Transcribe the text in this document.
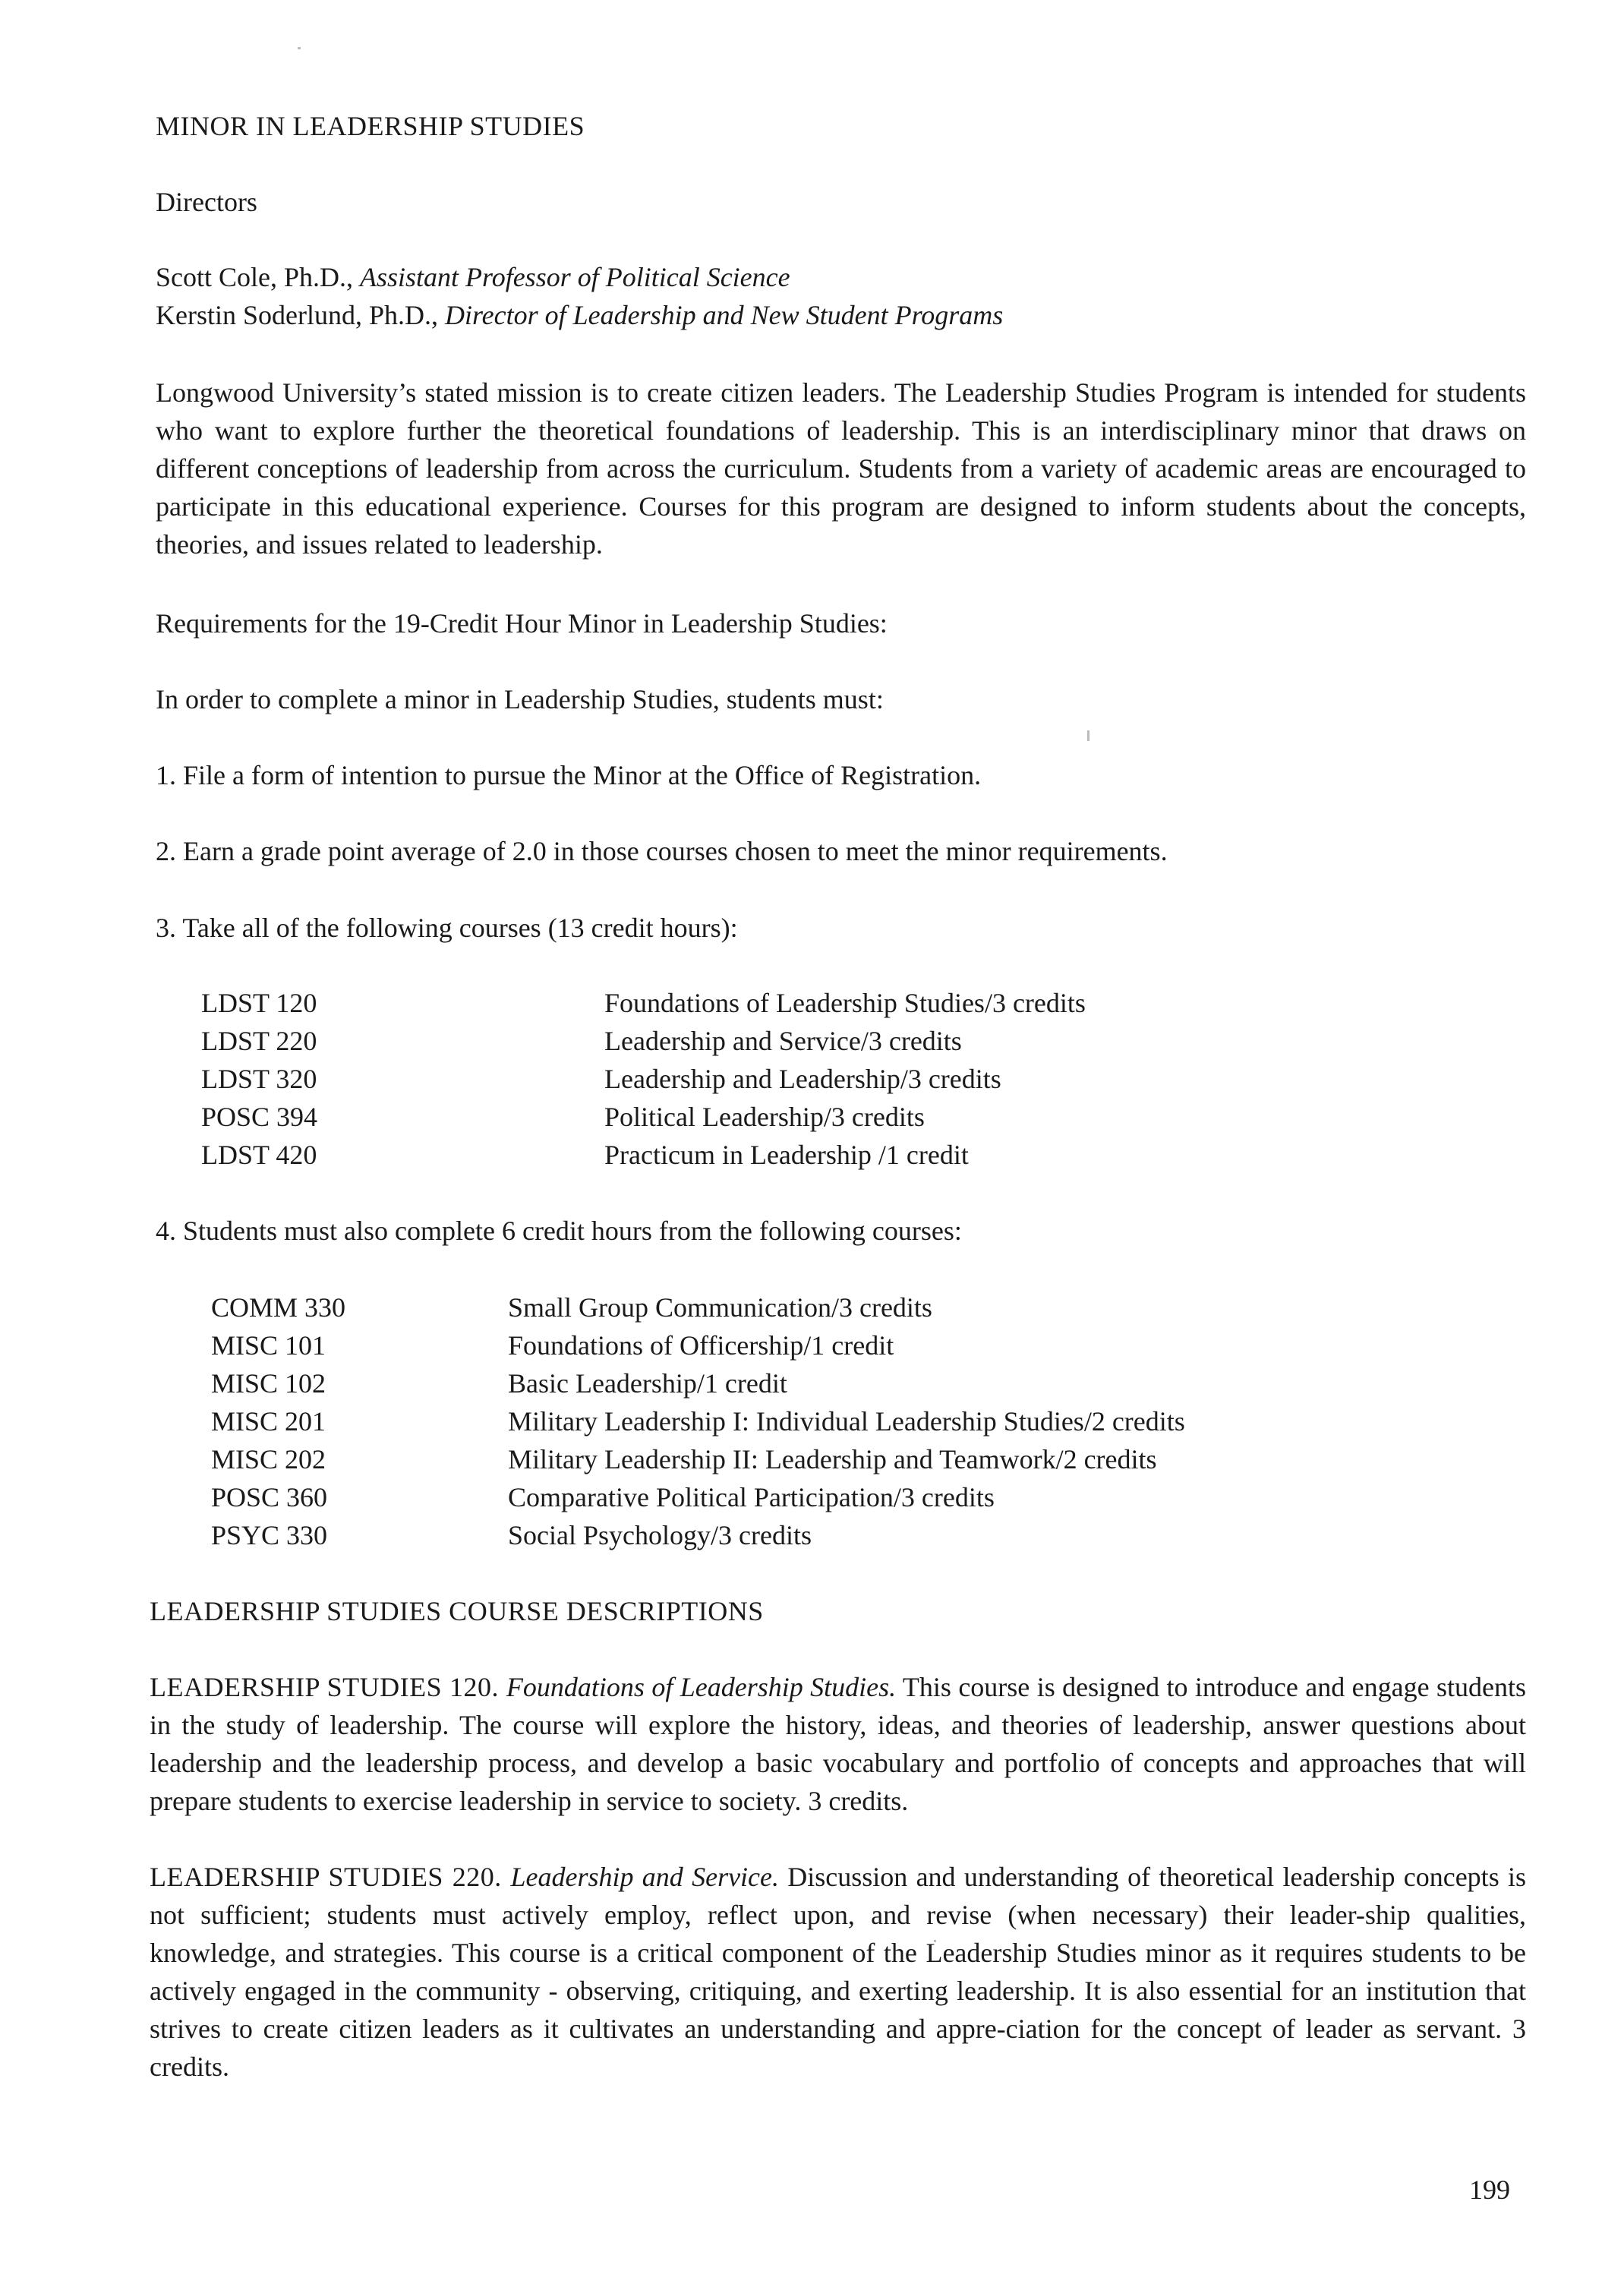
MINOR IN LEADERSHIP STUDIES
Directors
Scott Cole, Ph.D., Assistant Professor of Political Science
Kerstin Soderlund, Ph.D., Director of Leadership and New Student Programs
Longwood University’s stated mission is to create citizen leaders. The Leadership Studies Program is intended for students who want to explore further the theoretical foundations of leadership. This is an interdisciplinary minor that draws on different conceptions of leadership from across the curriculum. Students from a variety of academic areas are encouraged to participate in this educational experience. Courses for this program are designed to inform students about the concepts, theories, and issues related to leadership.
Requirements for the 19-Credit Hour Minor in Leadership Studies:
In order to complete a minor in Leadership Studies, students must:
1. File a form of intention to pursue the Minor at the Office of Registration.
2. Earn a grade point average of 2.0 in those courses chosen to meet the minor requirements.
3. Take all of the following courses (13 credit hours):
LDST 120	Foundations of Leadership Studies/3 credits
LDST 220	Leadership and Service/3 credits
LDST 320	Leadership and Leadership/3 credits
POSC 394	Political Leadership/3 credits
LDST 420	Practicum in Leadership /1 credit
4. Students must also complete 6 credit hours from the following courses:
COMM 330	Small Group Communication/3 credits
MISC 101	Foundations of Officership/1 credit
MISC 102	Basic Leadership/1 credit
MISC 201	Military Leadership I: Individual Leadership Studies/2 credits
MISC 202	Military Leadership II: Leadership and Teamwork/2 credits
POSC 360	Comparative Political Participation/3 credits
PSYC 330	Social Psychology/3 credits
LEADERSHIP STUDIES COURSE DESCRIPTIONS
LEADERSHIP STUDIES 120. Foundations of Leadership Studies. This course is designed to introduce and engage students in the study of leadership. The course will explore the history, ideas, and theories of leadership, answer questions about leadership and the leadership process, and develop a basic vocabulary and portfolio of concepts and approaches that will prepare students to exercise leadership in service to society. 3 credits.
LEADERSHIP STUDIES 220. Leadership and Service. Discussion and understanding of theoretical leadership concepts is not sufficient; students must actively employ, reflect upon, and revise (when necessary) their leader-ship qualities, knowledge, and strategies. This course is a critical component of the Leadership Studies minor as it requires students to be actively engaged in the community - observing, critiquing, and exerting leadership. It is also essential for an institution that strives to create citizen leaders as it cultivates an understanding and appre-ciation for the concept of leader as servant. 3 credits.
199
